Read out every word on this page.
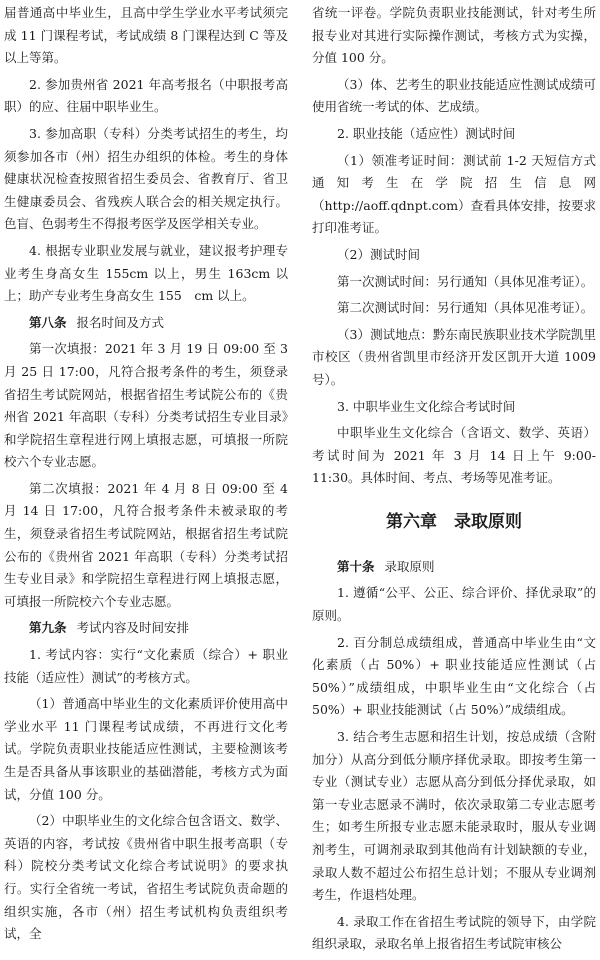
届普通高中毕业生，且高中学生学业水平考试须完成 11 门课程考试，考试成绩 8 门课程达到 C 等及以上等第。

2. 参加贵州省 2021 年高考报名（中职报考高职）的应、往届中职毕业生。

3. 参加高职（专科）分类考试招生的考生，均须参加各市（州）招生办组织的体检。考生的身体健康状况检查按照省招生委员会、省教育厅、省卫生健康委员会、省残疾人联合会的相关规定执行。色盲、色弱考生不得报考医学及医学相关专业。

4. 根据专业职业发展与就业，建议报考护理专业考生身高女生 155cm 以上，男生 163cm 以上；助产专业考生身高女生 155　cm 以上。

第八条 报名时间及方式

第一次填报：2021 年 3 月 19 日 09:00 至 3 月 25 日 17:00，凡符合报考条件的考生，须登录省招生考试院网站，根据省招生考试院公布的《贵州省 2021 年高职（专科）分类考试招生专业目录》和学院招生章程进行网上填报志愿，可填报一所院校六个专业志愿。

第二次填报：2021 年 4 月 8 日 09:00 至 4 月 14 日 17:00，凡符合报考条件未被录取的考生，须登录省招生考试院网站，根据省招生考试院公布的《贵州省 2021 年高职（专科）分类考试招生专业目录》和学院招生章程进行网上填报志愿，可填报一所院校六个专业志愿。

第九条 考试内容及时间安排

1. 考试内容：实行“文化素质（综合）+ 职业技能（适应性）测试”的考核方式。

（1）普通高中毕业生的文化素质评价使用高中学业水平 11 门课程考试成绩，不再进行文化考试。学院负责职业技能适应性测试，主要检测该考生是否具备从事该职业的基础潜能，考核方式为面试，分值 100 分。

（2）中职毕业生的文化综合包含语文、数学、英语的内容，考试按《贵州省中职生报考高职（专科）院校分类考试文化综合考试说明》的要求执行。实行全省统一考试，省招生考试院负责命题的组织实施，各市（州）招生考试机构负责组织考试，全

省统一评卷。学院负责职业技能测试，针对考生所报专业对其进行实际操作测试，考核方式为实操，分值 100 分。

（3）体、艺考生的职业技能适应性测试成绩可使用省统一考试的体、艺成绩。

2. 职业技能（适应性）测试时间

（1）领准考证时间：测试前 1-2 天短信方式通知考生在学院招生信息网（http://aoff.qdnpt.com）查看具体安排，按要求打印准考证。

（2）测试时间

第一次测试时间：另行通知（具体见准考证）。

第二次测试时间：另行通知（具体见准考证）。

（3）测试地点：黔东南民族职业技术学院凯里市校区（贵州省凯里市经济开发区凯开大道 1009 号）。

3. 中职毕业生文化综合考试时间

中职毕业生文化综合（含语文、数学、英语）考试时间为 2021 年 3 月 14 日上午 9:00-11:30。具体时间、考点、考场等见准考证。

第六章　录取原则

第十条 录取原则

1. 遵循“公平、公正、综合评价、择优录取”的原则。

2. 百分制总成绩组成，普通高中毕业生由“文化素质（占 50%）+ 职业技能适应性测试（占 50%）”成绩组成，中职毕业生由“文化综合（占 50%）+ 职业技能测试（占 50%）”成绩组成。

3. 结合考生志愿和招生计划，按总成绩（含附加分）从高分到低分顺序择优录取。即按考生第一专业（测试专业）志愿从高分到低分择优录取，如第一专业志愿录不满时，依次录取第二专业志愿考生；如考生所报专业志愿未能录取时，服从专业调剂考生，可调剂录取到其他尚有计划缺额的专业，录取人数不超过公布招生总计划；不服从专业调剂考生，作退档处理。

4. 录取工作在省招生考试院的领导下，由学院组织录取，录取名单上报省招生考试院审核公
